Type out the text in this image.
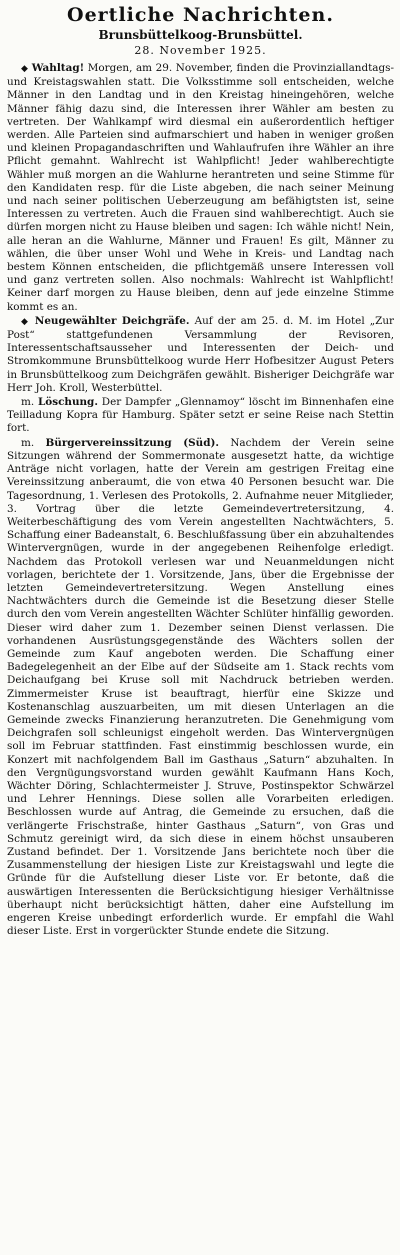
Oertliche Nachrichten.
Brunsbüttelkoog-Brunsbüttel.
28. November 1925.

◆ Wahltag! Morgen, am 29. November, finden die Provinziallandtags- und Kreistagswahlen statt. Die Volksstimme soll entscheiden, welche Männer in den Landtag und in den Kreistag hineingehören, welche Männer fähig dazu sind, die Interessen ihrer Wähler am besten zu vertreten. Der Wahlkampf wird diesmal ein außerordentlich heftiger werden. Alle Parteien sind aufmarschiert und haben in weniger großen und kleinen Propagandaschriften und Wahlaufrufen ihre Wähler an ihre Pflicht gemahnt. Wahlrecht ist Wahlpflicht! Jeder wahlberechtigte Wähler muß morgen an die Wahlurne herantreten und seine Stimme für den Kandidaten resp. für die Liste abgeben, die nach seiner Meinung und nach seiner politischen Ueberzeugung am befähigtsten ist, seine Interessen zu vertreten. Auch die Frauen sind wahlberechtigt. Auch sie dürfen morgen nicht zu Hause bleiben und sagen: Ich wähle nicht! Nein, alle heran an die Wahlurne, Männer und Frauen! Es gilt, Männer zu wählen, die über unser Wohl und Wehe in Kreis- und Landtag nach bestem Können entscheiden, die pflichtgemäß unsere Interessen voll und ganz vertreten sollen. Also nochmals: Wahlrecht ist Wahlpflicht! Keiner darf morgen zu Hause bleiben, denn auf jede einzelne Stimme kommt es an.

◆ Neugewählter Deichgräfe. Auf der am 25. d. M. im Hotel „Zur Post“ stattgefundenen Versammlung der Revisoren, Interessentschaftsausseher und Interessenten der Deich- und Stromkommune Brunsbüttelkoog wurde Herr Hofbesitzer August Peters in Brunsbüttelkoog zum Deichgräfen gewählt. Bisheriger Deichgräfe war Herr Joh. Kroll, Westerbüttel.

m. Löschung. Der Dampfer „Glennamoy“ löscht im Binnenhafen eine Teilladung Kopra für Hamburg. Später setzt er seine Reise nach Stettin fort.

m. Bürgervereinssitzung (Süd). Nachdem der Verein seine Sitzungen während der Sommermonate ausgesetzt hatte, da wichtige Anträge nicht vorlagen, hatte der Verein am gestrigen Freitag eine Vereinssitzung anberaumt, die von etwa 40 Personen besucht war. Die Tagesordnung, 1. Verlesen des Protokolls, 2. Aufnahme neuer Mitglieder, 3. Vortrag über die letzte Gemeindevertretersitzung, 4. Weiterbeschäftigung des vom Verein angestellten Nachtwächters, 5. Schaffung einer Badeanstalt, 6. Beschlußfassung über ein abzuhaltendes Wintervergnügen, wurde in der angegebenen Reihenfolge erledigt. Nachdem das Protokoll verlesen war und Neuanmeldungen nicht vorlagen, berichtete der 1. Vorsitzende, Jans, über die Ergebnisse der letzten Gemeindevertretersitzung. Wegen Anstellung eines Nachtwächters durch die Gemeinde ist die Besetzung dieser Stelle durch den vom Verein angestellten Wächter Schlüter hinfällig geworden. Dieser wird daher zum 1. Dezember seinen Dienst verlassen. Die vorhandenen Ausrüstungsgegenstände des Wächters sollen der Gemeinde zum Kauf angeboten werden. Die Schaffung einer Badegelegenheit an der Elbe auf der Südseite am 1. Stack rechts vom Deichaufgang bei Kruse soll mit Nachdruck betrieben werden. Zimmermeister Kruse ist beauftragt, hierfür eine Skizze und Kostenanschlag auszuarbeiten, um mit diesen Unterlagen an die Gemeinde zwecks Finanzierung heranzutreten. Die Genehmigung vom Deichgrafen soll schleunigst eingeholt werden. Das Wintervergnügen soll im Februar stattfinden. Fast einstimmig beschlossen wurde, ein Konzert mit nachfolgendem Ball im Gasthaus „Saturn“ abzuhalten. In den Vergnügungsvorstand wurden gewählt Kaufmann Hans Koch, Wächter Döring, Schlachtermeister J. Struve, Postinspektor Schwärzel und Lehrer Hennings. Diese sollen alle Vorarbeiten erledigen. Beschlossen wurde auf Antrag, die Gemeinde zu ersuchen, daß die verlängerte Frischstraße, hinter Gasthaus „Saturn“, von Gras und Schmutz gereinigt wird, da sich diese in einem höchst unsauberen Zustand befindet. Der 1. Vorsitzende Jans berichtete noch über die Zusammenstellung der hiesigen Liste zur Kreistagswahl und legte die Gründe für die Aufstellung dieser Liste vor. Er betonte, daß die auswärtigen Interessenten die Berücksichtigung hiesiger Verhältnisse überhaupt nicht berücksichtigt hätten, daher eine Aufstellung im engeren Kreise unbedingt erforderlich wurde. Er empfahl die Wahl dieser Liste. Erst in vorgerückter Stunde endete die Sitzung.
